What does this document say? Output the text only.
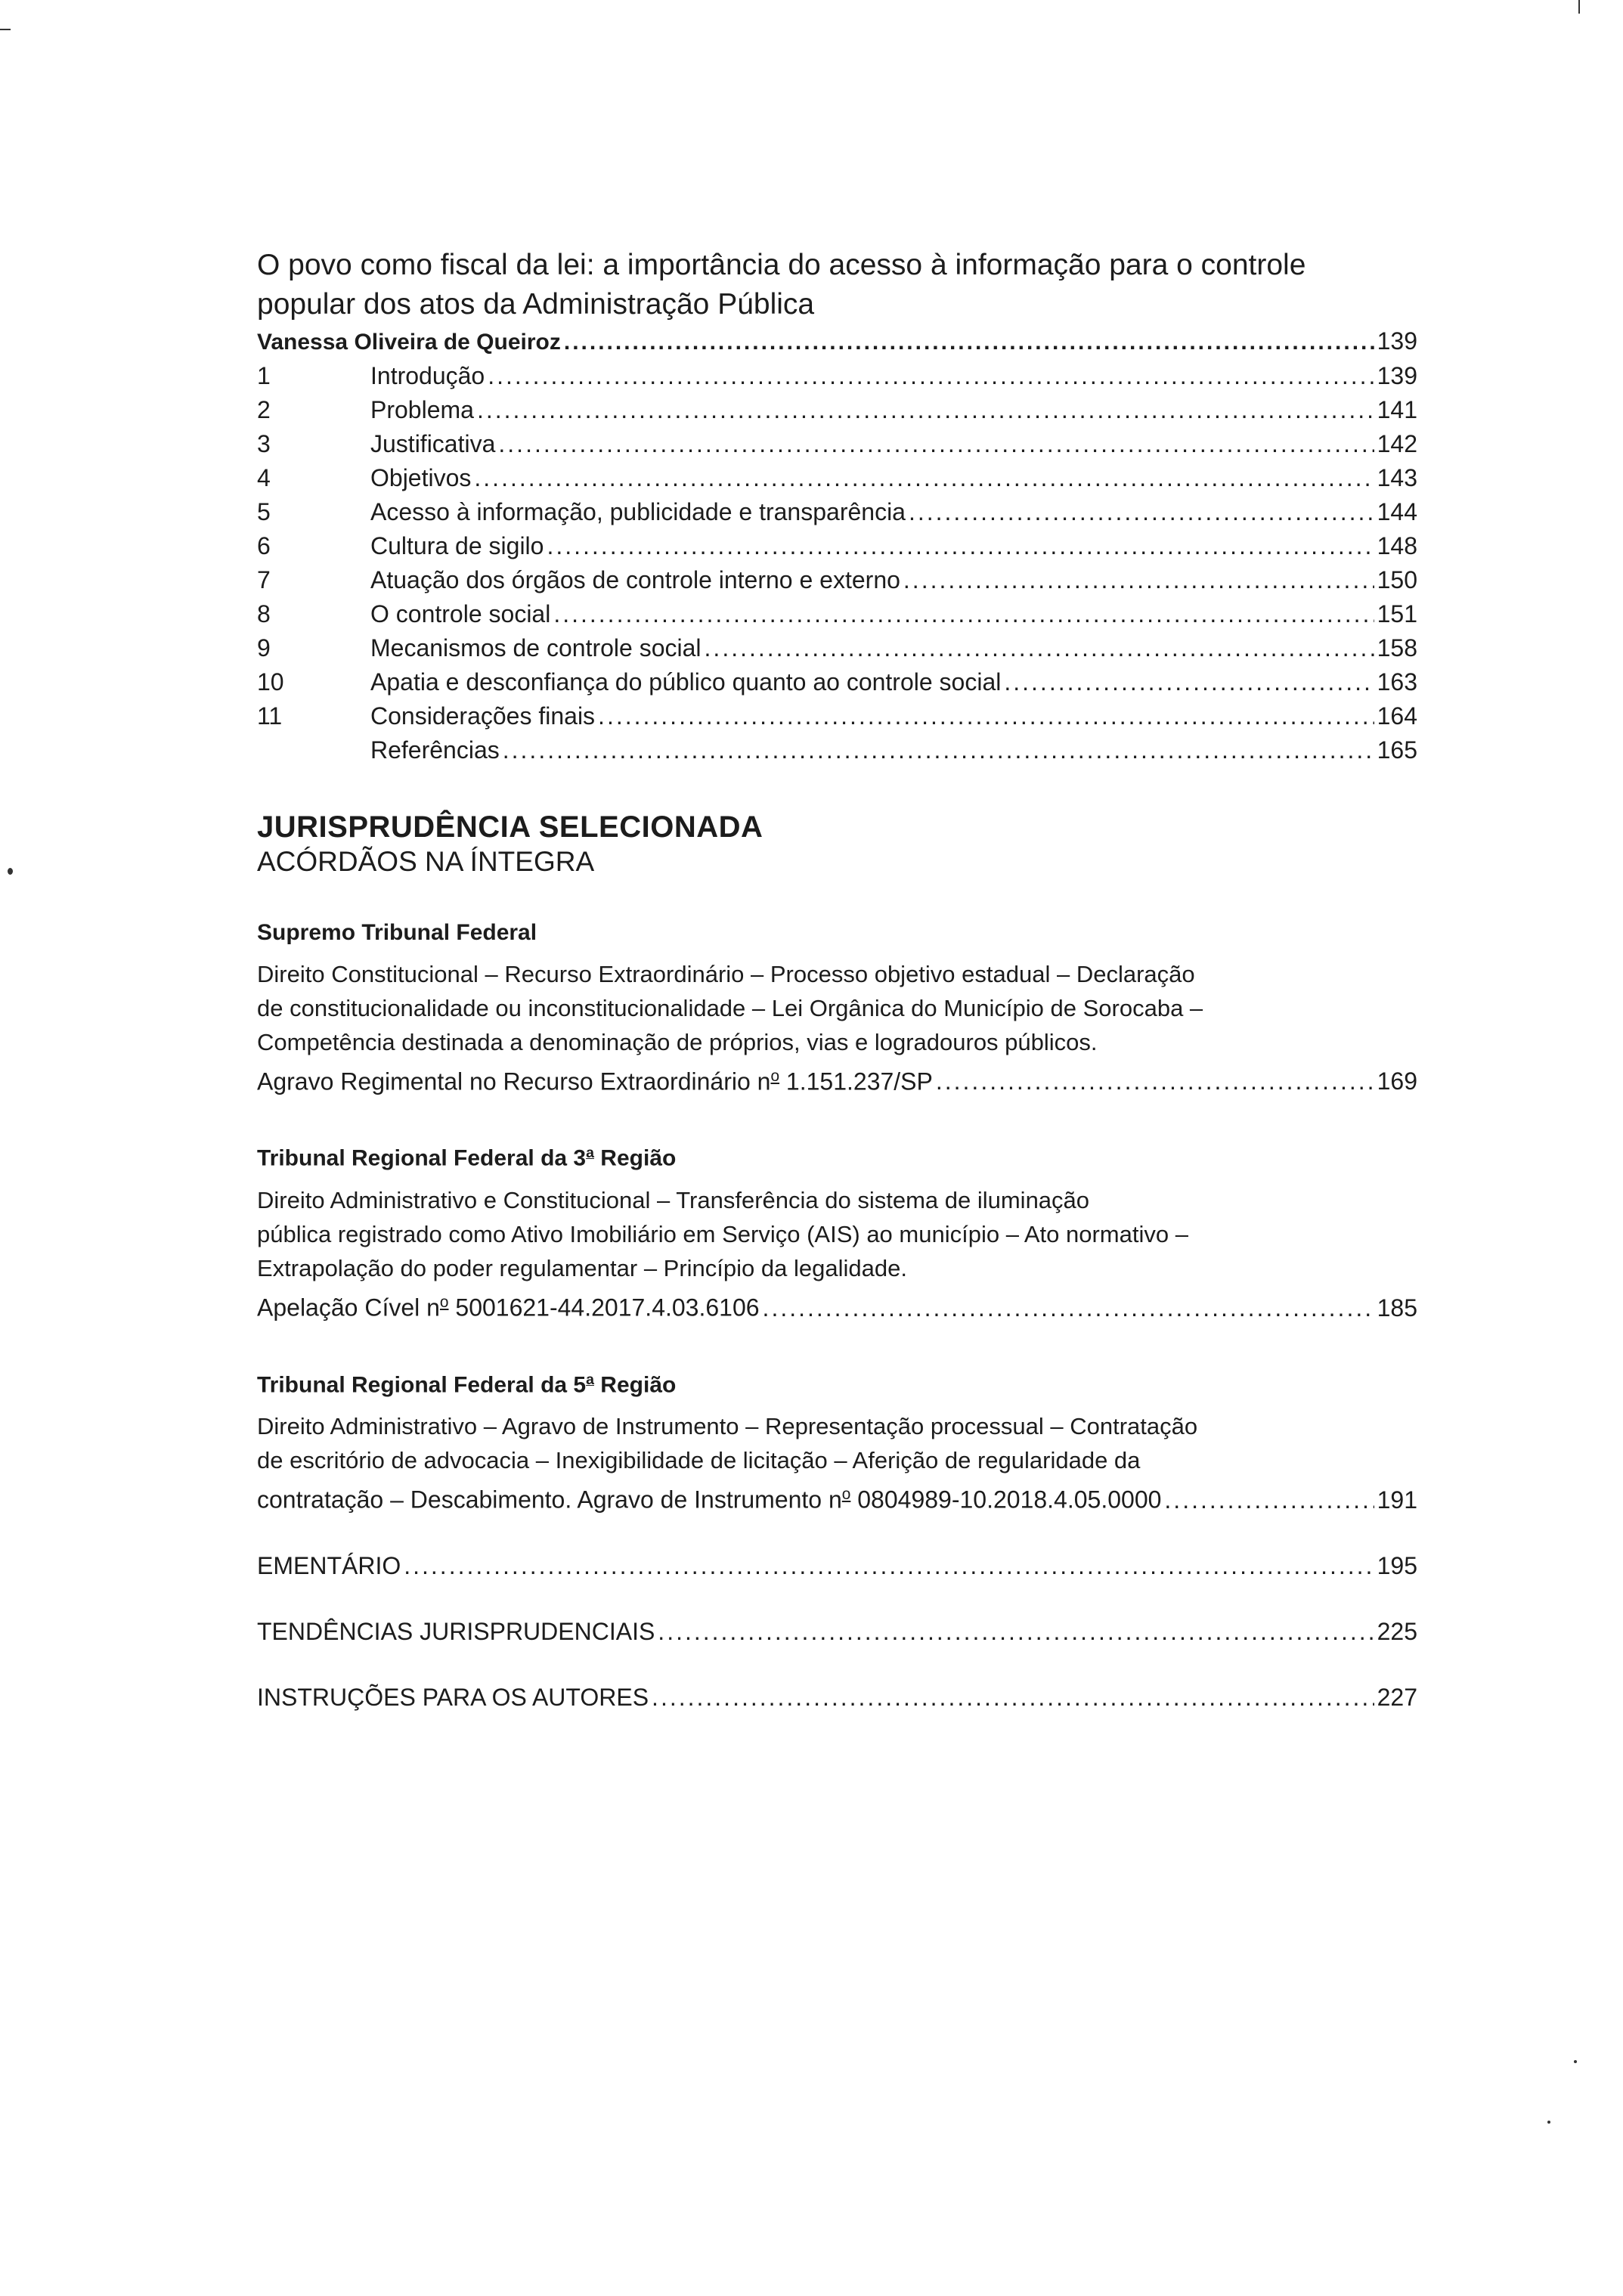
O povo como fiscal da lei: a importância do acesso à informação para o controle
popular dos atos da Administração Pública
Vanessa Oliveira de Queiroz .....	139
1	Introdução .....	139
2	Problema .....	141
3	Justificativa .....	142
4	Objetivos .....	143
5	Acesso à informação, publicidade e transparência .....	144
6	Cultura de sigilo .....	148
7	Atuação dos órgãos de controle interno e externo .....	150
8	O controle social .....	151
9	Mecanismos de controle social .....	158
10	Apatia e desconfiança do público quanto ao controle social .....	163
11	Considerações finais .....	164
Referências .....	165
JURISPRUDÊNCIA SELECIONADA
ACÓRDÃOS NA ÍNTEGRA
Supremo Tribunal Federal

Direito Constitucional – Recurso Extraordinário – Processo objetivo estadual – Declaração

de constitucionalidade ou inconstitucionalidade – Lei Orgânica do Município de Sorocaba –

Competência destinada a denominação de próprios, vias e logradouros públicos.

Agravo Regimental no Recurso Extraordinário $n^o$ 1.151.237/SP .....	169
Tribunal Regional Federal da 3$^a$ Região

Direito Administrativo e Constitucional – Transferência do sistema de iluminação

pública registrado como Ativo Imobiliário em Serviço (AIS) ao município – Ato normativo –

Extrapolação do poder regulamentar – Princípio da legalidade.

Apelação Cível $n^o$ 5001621-44.2017.4.03.6106 .....	185
Tribunal Regional Federal da 5$^a$ Região

Direito Administrativo – Agravo de Instrumento – Representação processual – Contratação

de escritório de advocacia – Inexigibilidade de licitação – Aferição de regularidade da

contratação – Descabimento. Agravo de Instrumento $n^o$ 0804989-10.2018.4.05.0000 .....	191
EMENTÁRIO .....	195
TENDÊNCIAS JURISPRUDENCIAIS .....	225
INSTRUÇÕES PARA OS AUTORES .....	227
